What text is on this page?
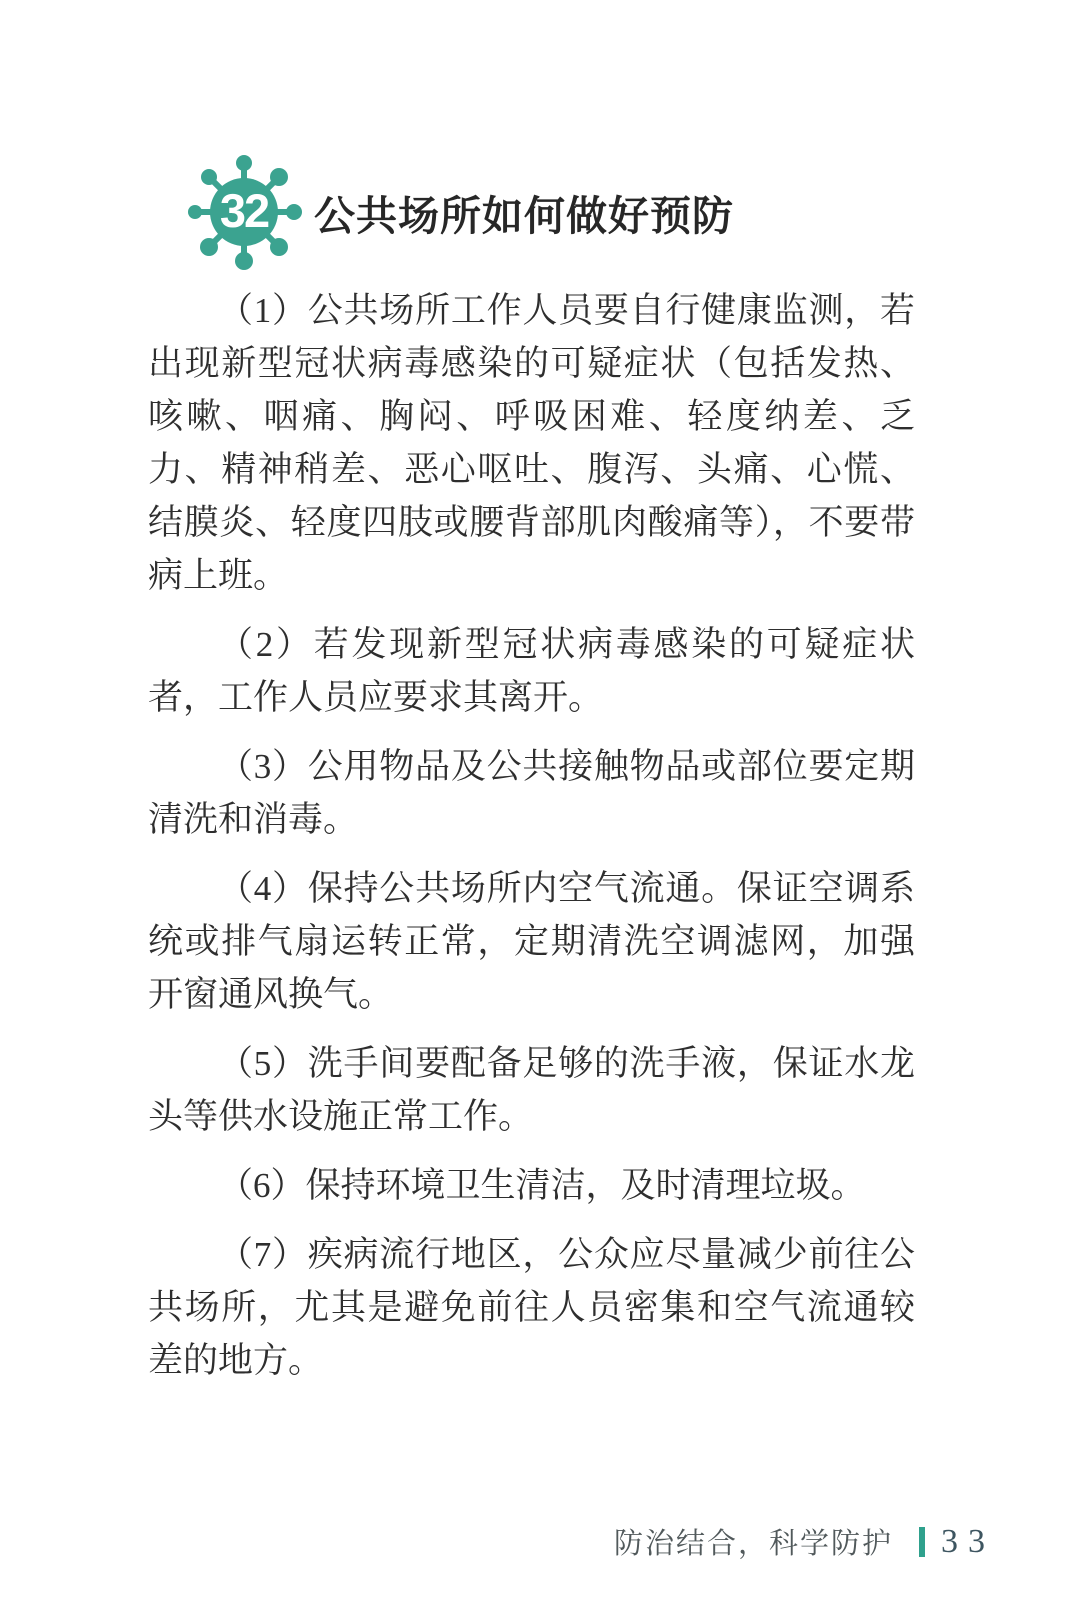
32	公共场所如何做好预防

（1）公共场所工作人员要自行健康监测，若出现新型冠状病毒感染的可疑症状（包括发热、咳嗽、咽痛、胸闷、呼吸困难、轻度纳差、乏力、精神稍差、恶心呕吐、腹泻、头痛、心慌、结膜炎、轻度四肢或腰背部肌肉酸痛等），不要带病上班。

（2）若发现新型冠状病毒感染的可疑症状者，工作人员应要求其离开。

（3）公用物品及公共接触物品或部位要定期清洗和消毒。

（4）保持公共场所内空气流通。保证空调系统或排气扇运转正常，定期清洗空调滤网，加强开窗通风换气。

（5）洗手间要配备足够的洗手液，保证水龙头等供水设施正常工作。

（6）保持环境卫生清洁，及时清理垃圾。

（7）疾病流行地区，公众应尽量减少前往公共场所，尤其是避免前往人员密集和空气流通较差的地方。

防治结合，科学防护 33
